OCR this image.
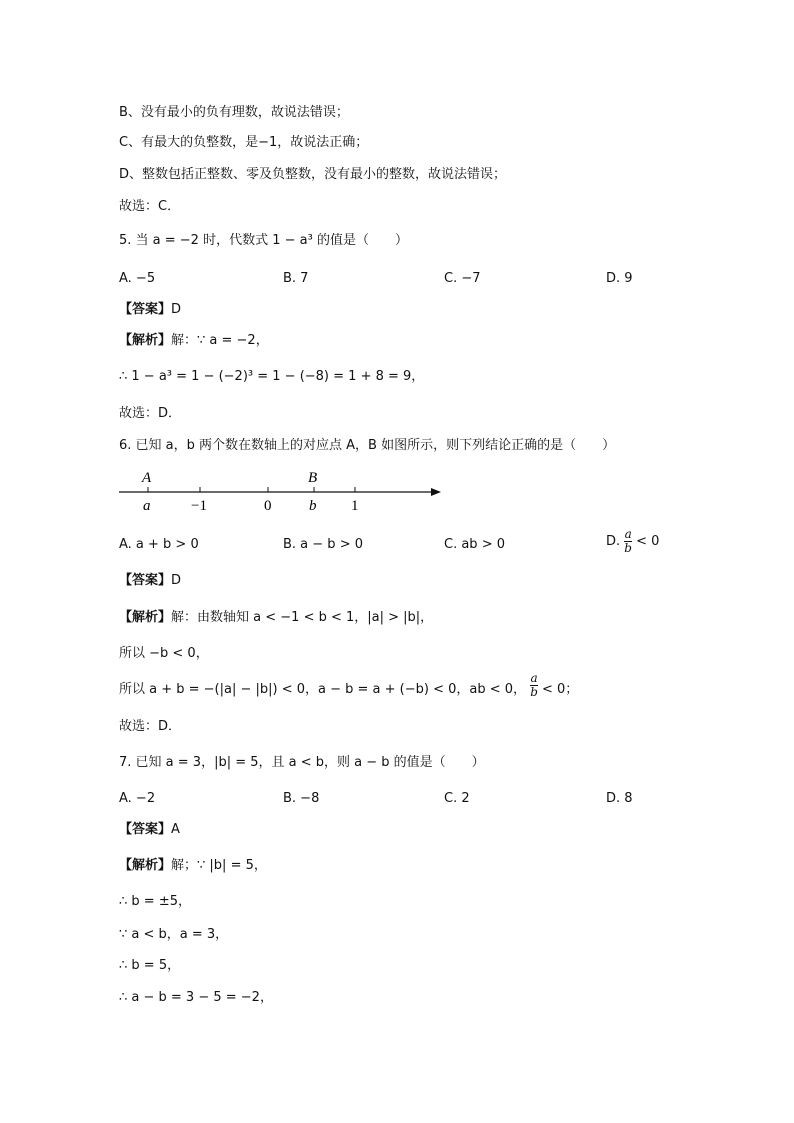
B、没有最小的负有理数，故说法错误；
C、有最大的负整数，是−1，故说法正确；
D、整数包括正整数、零及负整数，没有最小的整数，故说法错误；
故选：C．
5. 当 a = −2 时，代数式 1 − a³ 的值是（　　）
A. −5	B. 7	C. −7	D. 9
【答案】D
【解析】解：∵ a = −2，
∴ 1 − a³ = 1 − (−2)³ = 1 − (−8) = 1 + 8 = 9，
故选：D．
6. 已知 a，b 两个数在数轴上的对应点 A，B 如图所示，则下列结论正确的是（　　）
A	B
a	−1	0	b 1
A. a + b > 0	B. a − b > 0	C. ab > 0	D. $\frac{a}{b} < 0$
【答案】D
【解析】解：由数轴知 a < −1 < b < 1，|a| > |b|，
所以 −b < 0，
所以 a + b = −(|a| − |b|) < 0，a − b = a + (−b) < 0，ab < 0， $\frac{a}{b} < 0$；
故选：D．
7. 已知 a = 3，|b| = 5，且 a < b，则 a − b 的值是（　　）
A. −2	B. −8	C. 2	D. 8
【答案】A
【解析】解；∵ |b| = 5，
∴ b = ±5，
∵ a < b，a = 3，
∴ b = 5，
∴ a − b = 3 − 5 = −2，
